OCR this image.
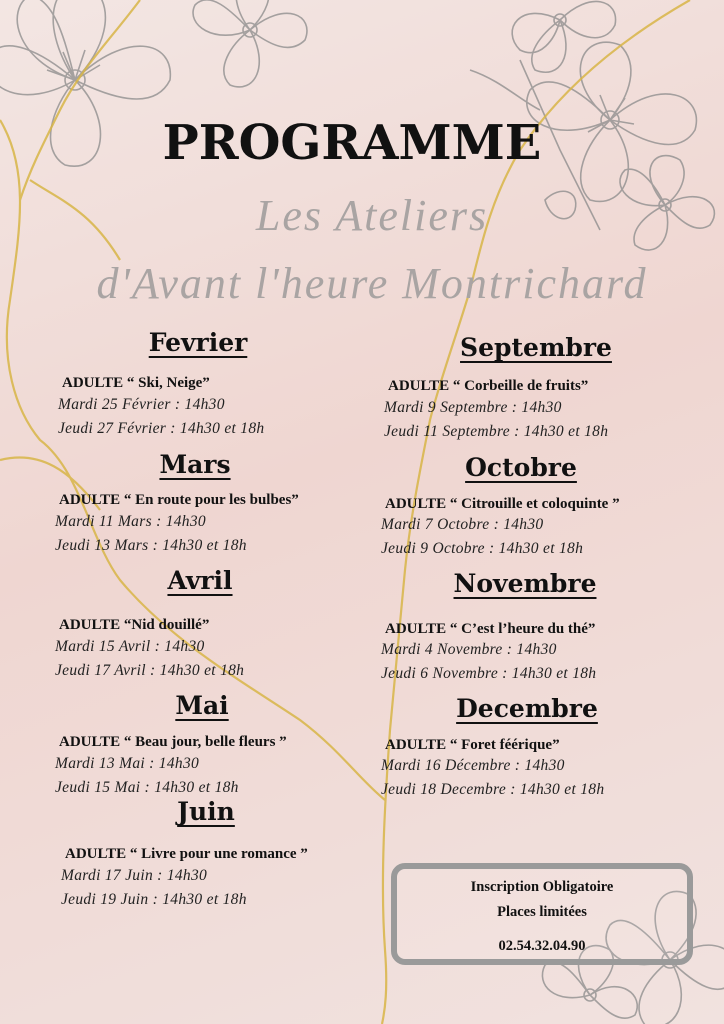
PROGRAMME
Les Ateliers
d'Avant l'heure Montrichard
Fevrier
ADULTE “ Ski, Neige”
Mardi 25 Février : 14h30
Jeudi 27 Février : 14h30 et 18h
Mars
ADULTE “ En route pour les bulbes”
Mardi 11 Mars : 14h30
Jeudi 13 Mars : 14h30 et 18h
Avril
ADULTE “Nid douillé”
Mardi 15 Avril : 14h30
Jeudi 17 Avril : 14h30 et 18h
Mai
ADULTE “ Beau jour, belle fleurs ”
Mardi 13 Mai : 14h30
Jeudi 15 Mai : 14h30 et 18h
Juin
ADULTE “ Livre pour une romance ”
Mardi 17 Juin : 14h30
Jeudi 19 Juin : 14h30 et 18h
Septembre
ADULTE “ Corbeille de fruits”
Mardi 9 Septembre : 14h30
Jeudi 11 Septembre : 14h30 et 18h
Octobre
ADULTE “ Citrouille et coloquinte ”
Mardi 7 Octobre : 14h30
Jeudi 9 Octobre : 14h30 et 18h
Novembre
ADULTE “ C’est l’heure du thé”
Mardi 4 Novembre : 14h30
Jeudi 6 Novembre : 14h30 et 18h
Decembre
ADULTE “ Foret féérique”
Mardi 16 Décembre : 14h30
Jeudi 18 Decembre : 14h30 et 18h
Inscription Obligatoire
Places limitées
02.54.32.04.90
